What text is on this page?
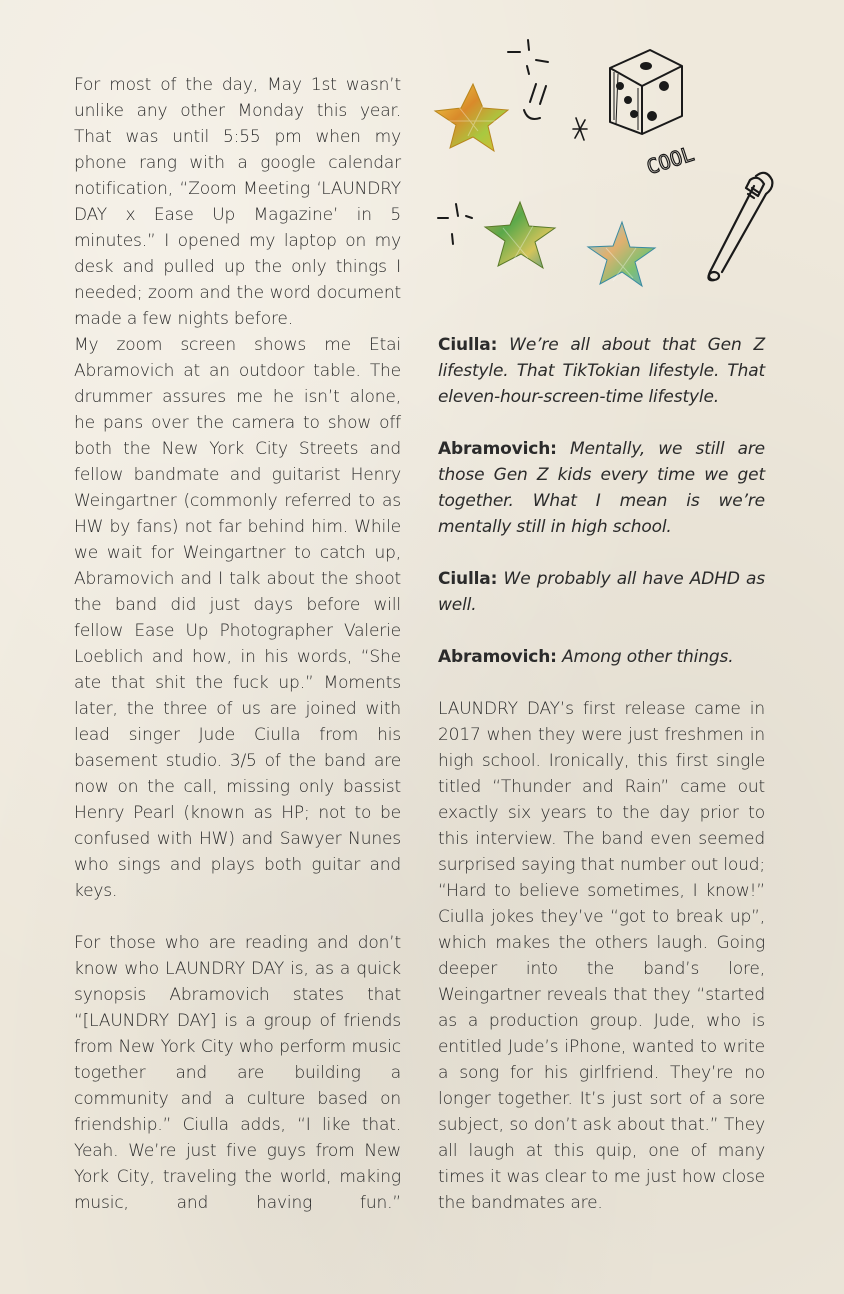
For most of the day, May 1st wasn’t unlike any other Monday this year. That was until 5:55 pm when my phone rang with a google calendar notification, “Zoom Meeting ‘LAUNDRY DAY x Ease Up Magazine’ in 5 minutes.” I opened my laptop on my desk and pulled up the only things I needed; zoom and the word document made a few nights before.

My zoom screen shows me Etai Abramovich at an outdoor table. The drummer assures me he isn’t alone, he pans over the camera to show off both the New York City Streets and fellow bandmate and guitarist Henry Weingartner (commonly referred to as HW by fans) not far behind him. While we wait for Weingartner to catch up, Abramovich and I talk about the shoot the band did just days before will fellow Ease Up Photographer Valerie Loeblich and how, in his words, “She ate that shit the fuck up.” Moments later, the three of us are joined with lead singer Jude Ciulla from his basement studio. 3/5 of the band are now on the call, missing only bassist Henry Pearl (known as HP; not to be confused with HW) and Sawyer Nunes who sings and plays both guitar and keys.

For those who are reading and don’t know who LAUNDRY DAY is, as a quick synopsis Abramovich states that “[LAUNDRY DAY] is a group of friends from New York City who perform music together and are building a community and a culture based on friendship.” Ciulla adds, “I like that. Yeah. We’re just five guys from New York City, traveling the world, making music, and having fun.”

COOL

Ciulla: We’re all about that Gen Z lifestyle. That TikTokian lifestyle. That eleven-hour-screen-time lifestyle.

Abramovich: Mentally, we still are those Gen Z kids every time we get together. What I mean is we’re mentally still in high school.

Ciulla: We probably all have ADHD as well.

Abramovich: Among other things.

LAUNDRY DAY’s first release came in 2017 when they were just freshmen in high school. Ironically, this first single titled “Thunder and Rain” came out exactly six years to the day prior to this interview. The band even seemed surprised saying that number out loud; “Hard to believe sometimes, I know!” Ciulla jokes they’ve “got to break up”, which makes the others laugh. Going deeper into the band’s lore, Weingartner reveals that they “started as a production group. Jude, who is entitled Jude’s iPhone, wanted to write a song for his girlfriend. They’re no longer together. It’s just sort of a sore subject, so don’t ask about that.” They all laugh at this quip, one of many times it was clear to me just how close the bandmates are.
